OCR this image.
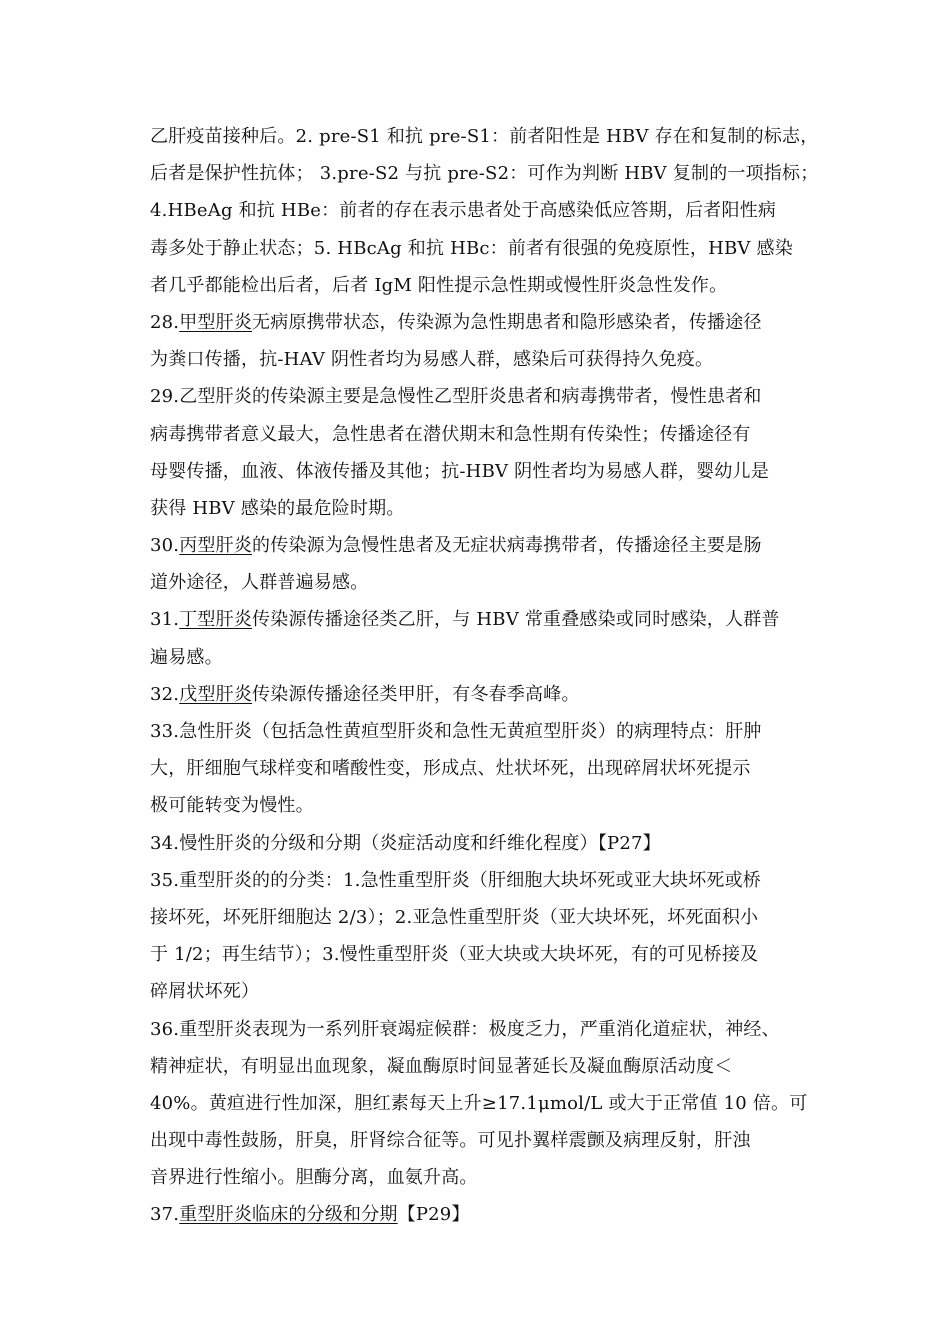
乙肝疫苗接种后。2. pre-S1 和抗 pre-S1：前者阳性是 HBV 存在和复制的标志，
后者是保护性抗体； 3.pre-S2 与抗 pre-S2：可作为判断 HBV 复制的一项指标；
4.HBeAg 和抗 HBe：前者的存在表示患者处于高感染低应答期，后者阳性病
毒多处于静止状态；5. HBcAg 和抗 HBc：前者有很强的免疫原性，HBV 感染
者几乎都能检出后者，后者 IgM 阳性提示急性期或慢性肝炎急性发作。
28.甲型肝炎无病原携带状态，传染源为急性期患者和隐形感染者，传播途径
为粪口传播，抗-HAV 阴性者均为易感人群，感染后可获得持久免疫。
29.乙型肝炎的传染源主要是急慢性乙型肝炎患者和病毒携带者，慢性患者和
病毒携带者意义最大，急性患者在潜伏期末和急性期有传染性；传播途径有
母婴传播，血液、体液传播及其他；抗-HBV 阴性者均为易感人群，婴幼儿是
获得 HBV 感染的最危险时期。
30.丙型肝炎的传染源为急慢性患者及无症状病毒携带者，传播途径主要是肠
道外途径，人群普遍易感。
31.丁型肝炎传染源传播途径类乙肝，与 HBV 常重叠感染或同时感染，人群普
遍易感。
32.戊型肝炎传染源传播途径类甲肝，有冬春季高峰。
33.急性肝炎（包括急性黄疸型肝炎和急性无黄疸型肝炎）的病理特点：肝肿
大，肝细胞气球样变和嗜酸性变，形成点、灶状坏死，出现碎屑状坏死提示
极可能转变为慢性。
34.慢性肝炎的分级和分期（炎症活动度和纤维化程度）【P27】
35.重型肝炎的的分类：1.急性重型肝炎（肝细胞大块坏死或亚大块坏死或桥
接坏死，坏死肝细胞达 2/3）；2.亚急性重型肝炎（亚大块坏死，坏死面积小
于 1/2；再生结节）；3.慢性重型肝炎（亚大块或大块坏死，有的可见桥接及
碎屑状坏死）
36.重型肝炎表现为一系列肝衰竭症候群：极度乏力，严重消化道症状，神经、
精神症状，有明显出血现象，凝血酶原时间显著延长及凝血酶原活动度＜
40%。黄疸进行性加深，胆红素每天上升≥17.1μmol/L 或大于正常值 10 倍。可
出现中毒性鼓肠，肝臭，肝肾综合征等。可见扑翼样震颤及病理反射，肝浊
音界进行性缩小。胆酶分离，血氨升高。
37.重型肝炎临床的分级和分期【P29】
